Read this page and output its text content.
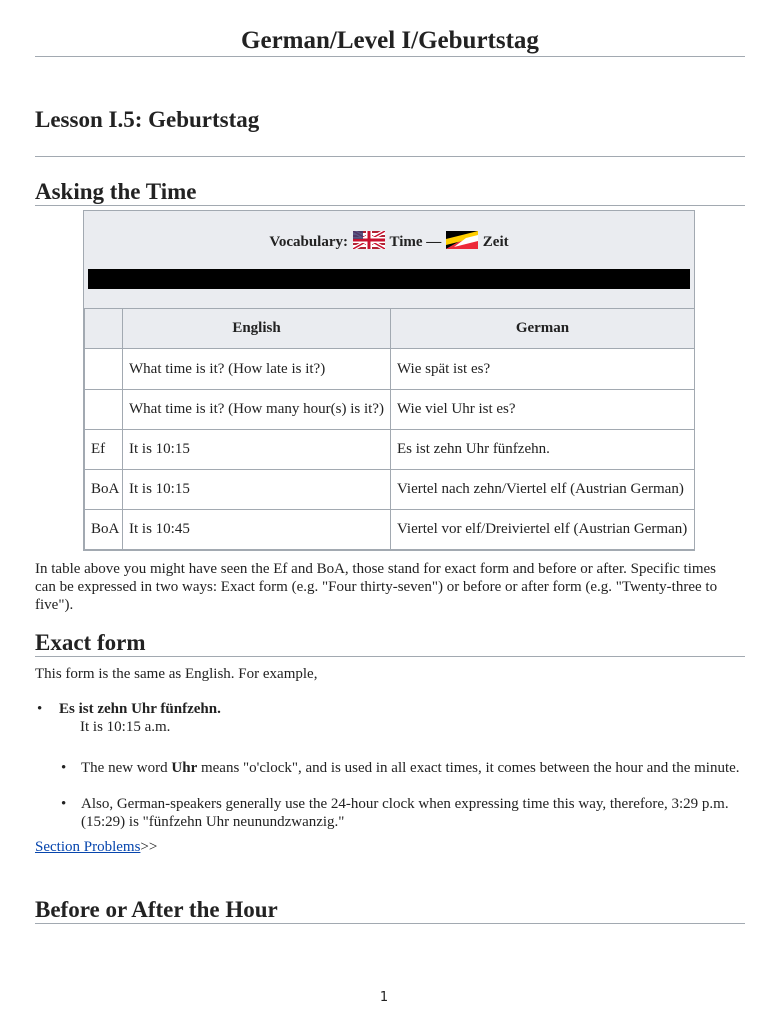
German/Level I/Geburtstag
Lesson I.5: Geburtstag
Asking the Time
Vocabulary:	Time —	Zeit
	English	German
	What time is it? (How late is it?)	Wie spät ist es?
	What time is it? (How many hour(s) is it?)	Wie viel Uhr ist es?
Ef	It is 10:15	Es ist zehn Uhr fünfzehn.
BoA	It is 10:15	Viertel nach zehn/Viertel elf (Austrian German)
BoA	It is 10:45	Viertel vor elf/Dreiviertel elf (Austrian German)

In table above you might have seen the Ef and BoA, those stand for exact form and before or after. Specific times can be expressed in two ways: Exact form (e.g. "Four thirty-seven") or before or after form (e.g. "Twenty-three to five").

Exact form

This form is the same as English. For example,

• Es ist zehn Uhr fünfzehn.
It is 10:15 a.m.
• The new word Uhr means "o'clock", and is used in all exact times, it comes between the hour and the minute.
• Also, German-speakers generally use the 24-hour clock when expressing time this way, therefore, 3:29 p.m. (15:29) is "fünfzehn Uhr neunundzwanzig."

Section Problems>>

Before or After the Hour
1
